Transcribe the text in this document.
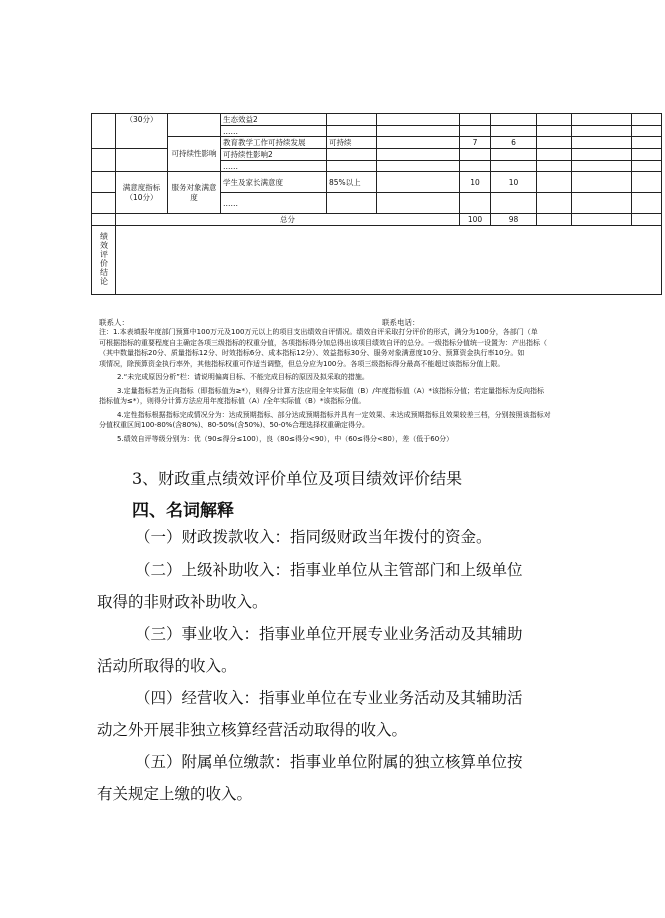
	（30分）		生态效益2							
			……							
		可持续性影响	教育教学工作可持续发展	可持续		7	6			
			可持续性影响2							
			……							
	满意度指标（10分）	服务对象满意度	学生及家长满意度	85%以上		10	10			
			……							
	总分					100	98			
绩效评价结论										
联系人：	联系电话：

注：1.本表填报年度部门预算中100万元及100万元以上的项目支出绩效自评情况。绩效自评采取打分评价的形式，满分为100分，各部门（单

可根据指标的重要程度自主确定各项三级指标的权重分值，各项指标得分加总得出该项目绩效自评的总分。一级指标分值统一设置为：产出指标（

（其中数量指标20分、质量指标12分、时效指标6分、成本指标12分）、效益指标30分、服务对象满意度10分、预算资金执行率10分。如

项情况，除预算资金执行率外，其他指标权重可作适当调整，但总分应为100分。各项三级指标得分最高不能超过该指标分值上限。

2.“未完成原因分析”栏：请说明偏离目标、不能完成目标的原因及拟采取的措施。

3.定量指标若为正向指标（即指标值为≥*），则得分计算方法应用全年实际值（B）/年度指标值（A）*该指标分值；若定量指标为反向指标

指标值为≤*），则得分计算方法应用年度指标值（A）/全年实际值（B）*该指标分值。

4.定性指标根据指标完成情况分为：达成预期指标、部分达成预期指标并具有一定效果、未达成预期指标且效果较差三档，分别按照该指标对

分值权重区间100-80%(含80%)、80-50%(含50%)、50-0%合理选择权重确定得分。

5.绩效自评等级分别为：优（90≤得分≤100），良（80≤得分<90），中（60≤得分<80），差（低于60分）

3、财政重点绩效评价单位及项目绩效评价结果
四、名词解释
（一）财政拨款收入：指同级财政当年拨付的资金。
（二）上级补助收入：指事业单位从主管部门和上级单位
取得的非财政补助收入。
（三）事业收入：指事业单位开展专业业务活动及其辅助
活动所取得的收入。
（四）经营收入：指事业单位在专业业务活动及其辅助活
动之外开展非独立核算经营活动取得的收入。
（五）附属单位缴款：指事业单位附属的独立核算单位按
有关规定上缴的收入。
